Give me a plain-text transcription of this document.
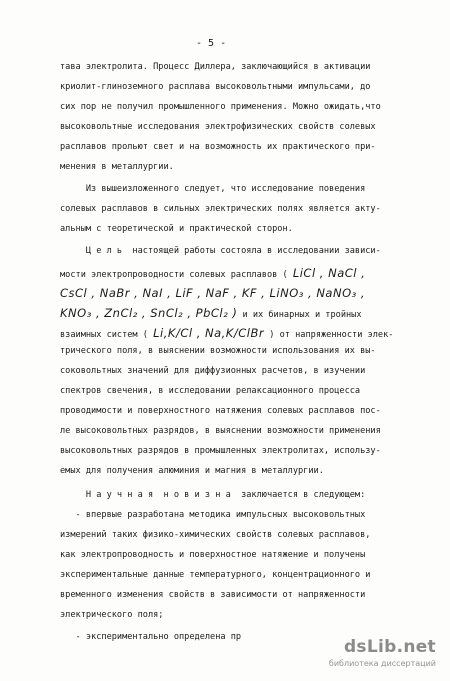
- 5 -
тава электролита. Процесс Диллера, заключающийся в активации
криолит-глиноземного расплава высоковольтными импульсами, до
сих пор не получил промышленного применения. Можно ожидать,что
высоковольтные исследования электрофизических свойств солевых
расплавов прольют свет и на возможность их практического при-
менения в металлургии.
Из вышеизложенного следует, что исследование поведения
солевых расплавов в сильных электрических полях является акту-
альным с теоретической и практической сторон.
Ц е л ь  настоящей работы состояла в исследовании зависи-
мости электропроводности солевых расплавов ( LiCl , NaCl ,
CsCl , NaBr , NaI , LiF , NaF , KF , LiNO₃ , NaNO₃ ,
KNO₃ , ZnCl₂ , SnCl₂ , PbCl₂ ) и их бинарных и тройных
взаимных систем ( Li,K/Cl , Na,K/ClBr ) от напряженности элек-
трического поля, в выяснении возможности использования их вы-
соковольтных значений для диффузионных расчетов, в изучении
спектров свечения, в исследовании релаксационного процесса
проводимости и поверхностного натяжения солевых расплавов пос-
ле высоковольтных разрядов, в выяснении возможности применения
высоковольтных разрядов в промышленных электролитах, использу-
емых для получения алюминия и магния в металлургии.
Н а у ч н а я  н о в и з н а  заключается в следующем:
- впервые разработана методика импульсных высоковольтных
измерений таких физико-химических свойств солевых расплавов,
как электропроводность и поверхностное натяжение и получены
экспериментальные данные температурного, концентрационного и
временного изменения свойств в зависимости от напряженности
электрического поля;
- экспериментально определена пр	dsLib.net
библиотека диссертаций
